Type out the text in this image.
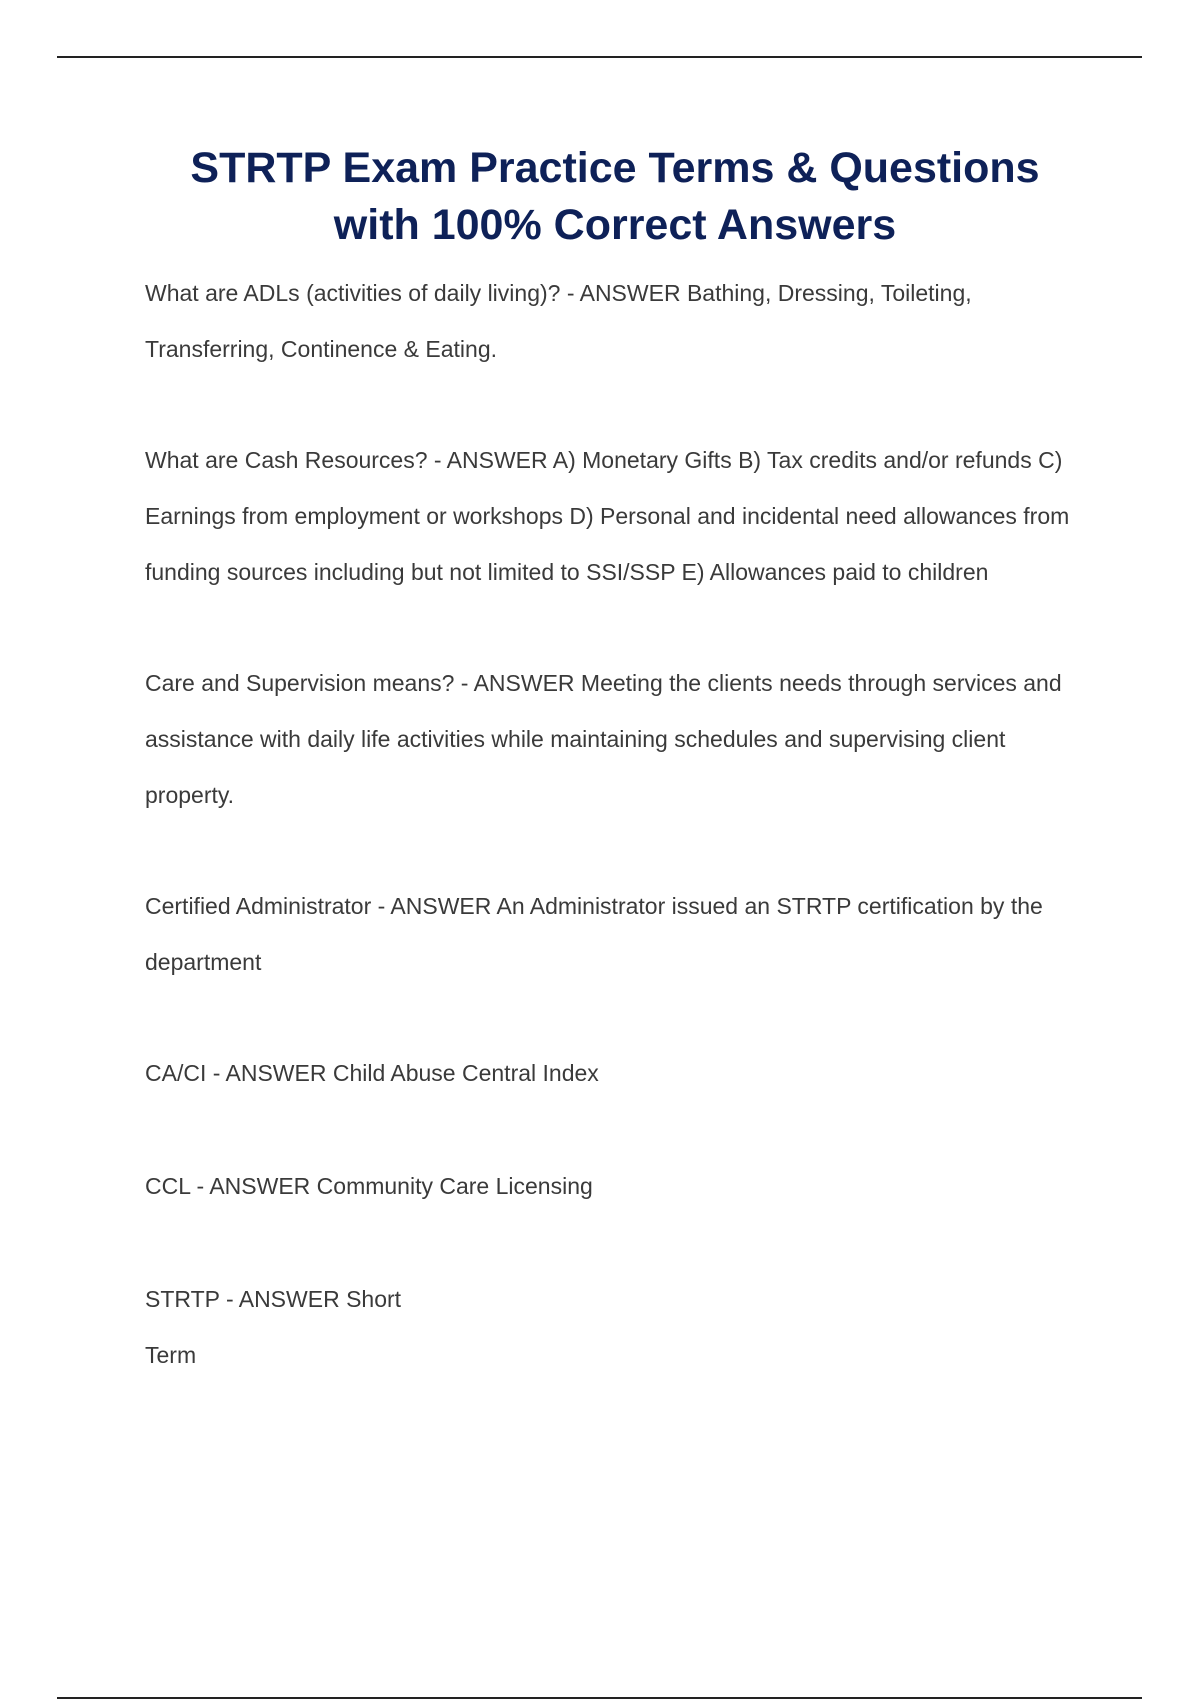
STRTP Exam Practice Terms & Questions
with 100% Correct Answers

What are ADLs (activities of daily living)? - ANSWER Bathing, Dressing, Toileting, Transferring, Continence & Eating.

What are Cash Resources? - ANSWER A) Monetary Gifts B) Tax credits and/or refunds C) Earnings from employment or workshops D) Personal and incidental need allowances from funding sources including but not limited to SSI/SSP E) Allowances paid to children

Care and Supervision means? - ANSWER Meeting the clients needs through services and assistance with daily life activities while maintaining schedules and supervising client property.

Certified Administrator - ANSWER An Administrator issued an STRTP certification by the department

CA/CI - ANSWER Child Abuse Central Index

CCL - ANSWER Community Care Licensing

STRTP - ANSWER Short
Term
